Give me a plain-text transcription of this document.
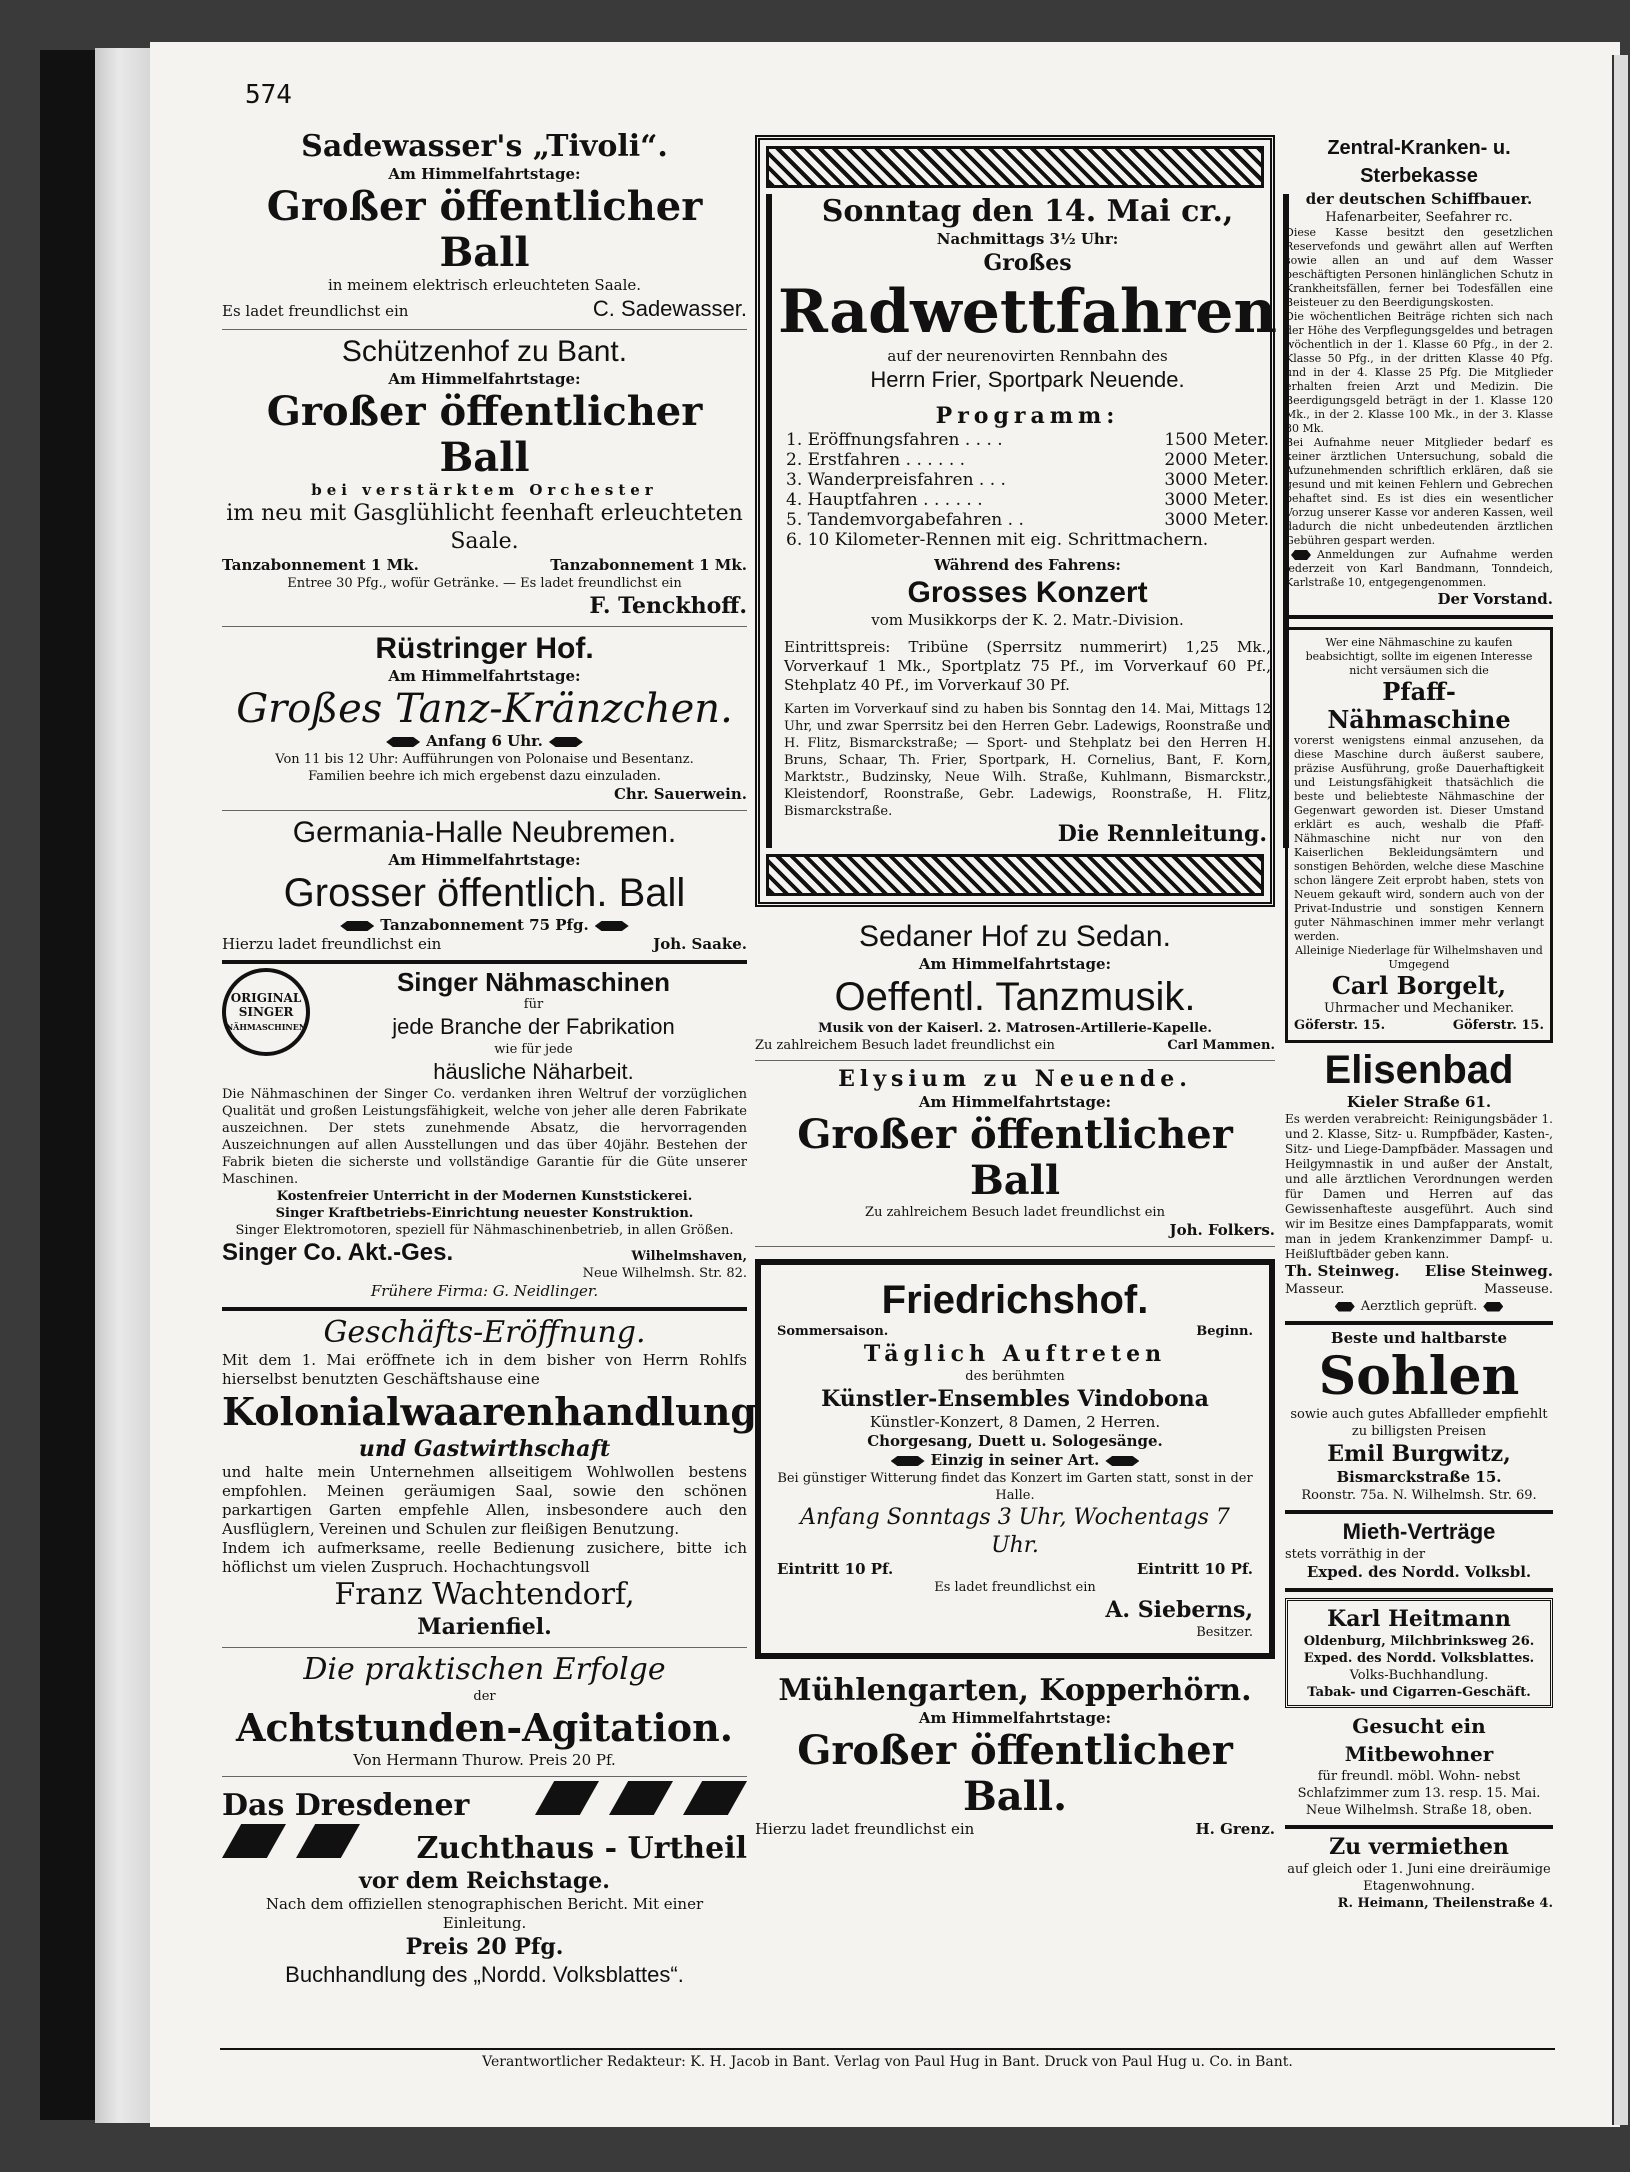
574
Sadewasser's „Tivoli“.
Am Himmelfahrtstage:
Großer öffentlicher Ball
in meinem elektrisch erleuchteten Saale.
Es ladet freundlichst ein	C. Sadewasser.
Schützenhof zu Bant.
Am Himmelfahrtstage:
Großer öffentlicher Ball
bei verstärktem Orchester
im neu mit Gasglühlicht feenhaft erleuchteten Saale.
Tanzabonnement 1 Mk.	Tanzabonnement 1 Mk.
Entree 30 Pfg., wofür Getränke. — Es ladet freundlichst ein
F. Tenckhoff.
Rüstringer Hof.
Am Himmelfahrtstage:
Großes Tanz-Kränzchen.
Anfang 6 Uhr.
Von 11 bis 12 Uhr: Aufführungen von Polonaise und Besentanz.
Familien beehre ich mich ergebenst dazu einzuladen.
Chr. Sauerwein.
Germania-Halle Neubremen.
Am Himmelfahrtstage:
Grosser öffentlich. Ball
Tanzabonnement 75 Pfg.
Hierzu ladet freundlichst ein	Joh. Saake.
ORIGINAL
SINGER
NÄHMASCHINEN
Singer Nähmaschinen
für
jede Branche der Fabrikation
wie für jede
häusliche Näharbeit.
Die Nähmaschinen der Singer Co. verdanken ihren Weltruf der vorzüglichen Qualität und großen Leistungsfähigkeit, welche von jeher alle deren Fabrikate auszeichnen. Der stets zunehmende Absatz, die hervorragenden Auszeichnungen auf allen Ausstellungen und das über 40jähr. Bestehen der Fabrik bieten die sicherste und vollständige Garantie für die Güte unserer Maschinen.
Kostenfreier Unterricht in der Modernen Kunststickerei.
Singer Kraftbetriebs-Einrichtung neuester Konstruktion.
Singer Elektromotoren, speziell für Nähmaschinenbetrieb, in allen Größen.
Singer Co. Akt.-Ges.	Wilhelmshaven,
Neue Wilhelmsh. Str. 82.
Frühere Firma: G. Neidlinger.
Geschäfts-Eröffnung.
Mit dem 1. Mai eröffnete ich in dem bisher von Herrn Rohlfs hierselbst benutzten Geschäftshause eine
Kolonialwaarenhandlung
und Gastwirthschaft
und halte mein Unternehmen allseitigem Wohlwollen bestens empfohlen. Meinen geräumigen Saal, sowie den schönen parkartigen Garten empfehle Allen, insbesondere auch den Ausflüglern, Vereinen und Schulen zur fleißigen Benutzung.
Indem ich aufmerksame, reelle Bedienung zusichere, bitte ich höflichst um vielen Zuspruch. Hochachtungsvoll
Franz Wachtendorf,
Marienfiel.
Die praktischen Erfolge
der
Achtstunden-Agitation.
Von Hermann Thurow. Preis 20 Pf.
Das Dresdener
Zuchthaus - Urtheil
vor dem Reichstage.
Nach dem offiziellen stenographischen Bericht. Mit einer Einleitung.
Preis 20 Pfg.
Buchhandlung des „Nordd. Volksblattes“.
Sonntag den 14. Mai cr.,
Nachmittags 3½ Uhr:
Großes
Radwettfahren
auf der neurenovirten Rennbahn des
Herrn Frier, Sportpark Neuende.
Programm:
1. Eröffnungsfahren . . . .	1500 Meter.
2. Erstfahren . . . . . .	2000 Meter.
3. Wanderpreisfahren . . .	3000 Meter.
4. Hauptfahren . . . . . .	3000 Meter.
5. Tandemvorgabefahren . .	3000 Meter.
6. 10 Kilometer-Rennen mit eig. Schrittmachern.
Während des Fahrens:
Grosses Konzert
vom Musikkorps der K. 2. Matr.-Division.
Eintrittspreis: Tribüne (Sperrsitz nummerirt) 1,25 Mk., Vorverkauf 1 Mk., Sportplatz 75 Pf., im Vorverkauf 60 Pf., Stehplatz 40 Pf., im Vorverkauf 30 Pf.
Karten im Vorverkauf sind zu haben bis Sonntag den 14. Mai, Mittags 12 Uhr, und zwar Sperrsitz bei den Herren Gebr. Ladewigs, Roonstraße und H. Flitz, Bismarckstraße; — Sport- und Stehplatz bei den Herren H. Bruns, Schaar, Th. Frier, Sportpark, H. Cornelius, Bant, F. Korn, Marktstr., Budzinsky, Neue Wilh. Straße, Kuhlmann, Bismarckstr., Kleistendorf, Roonstraße, Gebr. Ladewigs, Roonstraße, H. Flitz, Bismarckstraße.
Die Rennleitung.
Sedaner Hof zu Sedan.
Am Himmelfahrtstage:
Oeffentl. Tanzmusik.
Musik von der Kaiserl. 2. Matrosen-Artillerie-Kapelle.
Zu zahlreichem Besuch ladet freundlichst ein	Carl Mammen.
Elysium zu Neuende.
Am Himmelfahrtstage:
Großer öffentlicher Ball
Zu zahlreichem Besuch ladet freundlichst ein
Joh. Folkers.
Friedrichshof.
Sommersaison.	Beginn.
Täglich Auftreten
des berühmten
Künstler-Ensembles Vindobona
Künstler-Konzert, 8 Damen, 2 Herren.
Chorgesang, Duett u. Sologesänge.
Einzig in seiner Art.
Bei günstiger Witterung findet das Konzert im Garten statt, sonst in der Halle.
Anfang Sonntags 3 Uhr, Wochentags 7 Uhr.
Eintritt 10 Pf.	Eintritt 10 Pf.
Es ladet freundlichst ein
A. Sieberns,
Besitzer.
Mühlengarten, Kopperhörn.
Am Himmelfahrtstage:
Großer öffentlicher Ball.
Hierzu ladet freundlichst ein	H. Grenz.
Zentral-Kranken- u. Sterbekasse
der deutschen Schiffbauer.
Hafenarbeiter, Seefahrer rc.
Diese Kasse besitzt den gesetzlichen Reservefonds und gewährt allen auf Werften sowie allen an und auf dem Wasser beschäftigten Personen hinlänglichen Schutz in Krankheitsfällen, ferner bei Todesfällen eine Beisteuer zu den Beerdigungskosten.
Die wöchentlichen Beiträge richten sich nach der Höhe des Verpflegungsgeldes und betragen wöchentlich in der 1. Klasse 60 Pfg., in der 2. Klasse 50 Pfg., in der dritten Klasse 40 Pfg. und in der 4. Klasse 25 Pfg. Die Mitglieder erhalten freien Arzt und Medizin. Die Beerdigungsgeld beträgt in der 1. Klasse 120 Mk., in der 2. Klasse 100 Mk., in der 3. Klasse 80 Mk.
Bei Aufnahme neuer Mitglieder bedarf es keiner ärztlichen Untersuchung, sobald die Aufzunehmenden schriftlich erklären, daß sie gesund und mit keinen Fehlern und Gebrechen behaftet sind. Es ist dies ein wesentlicher Vorzug unserer Kasse vor anderen Kassen, weil dadurch die nicht unbedeutenden ärztlichen Gebühren gespart werden.
Anmeldungen zur Aufnahme werden jederzeit von Karl Bandmann, Tonndeich, Karlstraße 10, entgegengenommen.
Der Vorstand.
Wer eine Nähmaschine zu kaufen beabsichtigt, sollte im eigenen Interesse nicht versäumen sich die
Pfaff-Nähmaschine
vorerst wenigstens einmal anzusehen, da diese Maschine durch äußerst saubere, präzise Ausführung, große Dauerhaftigkeit und Leistungsfähigkeit thatsächlich die beste und beliebteste Nähmaschine der Gegenwart geworden ist. Dieser Umstand erklärt es auch, weshalb die Pfaff-Nähmaschine nicht nur von den Kaiserlichen Bekleidungsämtern und sonstigen Behörden, welche diese Maschine schon längere Zeit erprobt haben, stets von Neuem gekauft wird, sondern auch von der Privat-Industrie und sonstigen Kennern guter Nähmaschinen immer mehr verlangt werden.
Alleinige Niederlage für Wilhelmshaven und Umgegend
Carl Borgelt,
Uhrmacher und Mechaniker.
Göferstr. 15.	Göferstr. 15.
Elisenbad
Kieler Straße 61.
Es werden verabreicht: Reinigungsbäder 1. und 2. Klasse, Sitz- u. Rumpfbäder, Kasten-, Sitz- und Liege-Dampfbäder. Massagen und Heilgymnastik in und außer der Anstalt, und alle ärztlichen Verordnungen werden für Damen und Herren auf das Gewissenhafteste ausgeführt. Auch sind wir im Besitze eines Dampfapparats, womit man in jedem Krankenzimmer Dampf- u. Heißluftbäder geben kann.
Th. Steinweg. Elise Steinweg.
Masseur.	Masseuse.
Aerztlich geprüft.
Beste und haltbarste
Sohlen
sowie auch gutes Abfallleder empfiehlt zu billigsten Preisen
Emil Burgwitz,
Bismarckstraße 15.
Roonstr. 75a. N. Wilhelmsh. Str. 69.
Mieth-Verträge
stets vorräthig in der
Exped. des Nordd. Volksbl.
Karl Heitmann
Oldenburg, Milchbrinksweg 26.
Exped. des Nordd. Volksblattes.
Volks-Buchhandlung.
Tabak- und Cigarren-Geschäft.
Gesucht ein Mitbewohner
für freundl. möbl. Wohn- nebst Schlafzimmer zum 13. resp. 15. Mai.
Neue Wilhelmsh. Straße 18, oben.
Zu vermiethen
auf gleich oder 1. Juni eine dreiräumige Etagenwohnung.
R. Heimann, Theilenstraße 4.
Verantwortlicher Redakteur: K. H. Jacob in Bant. Verlag von Paul Hug in Bant. Druck von Paul Hug u. Co. in Bant.
